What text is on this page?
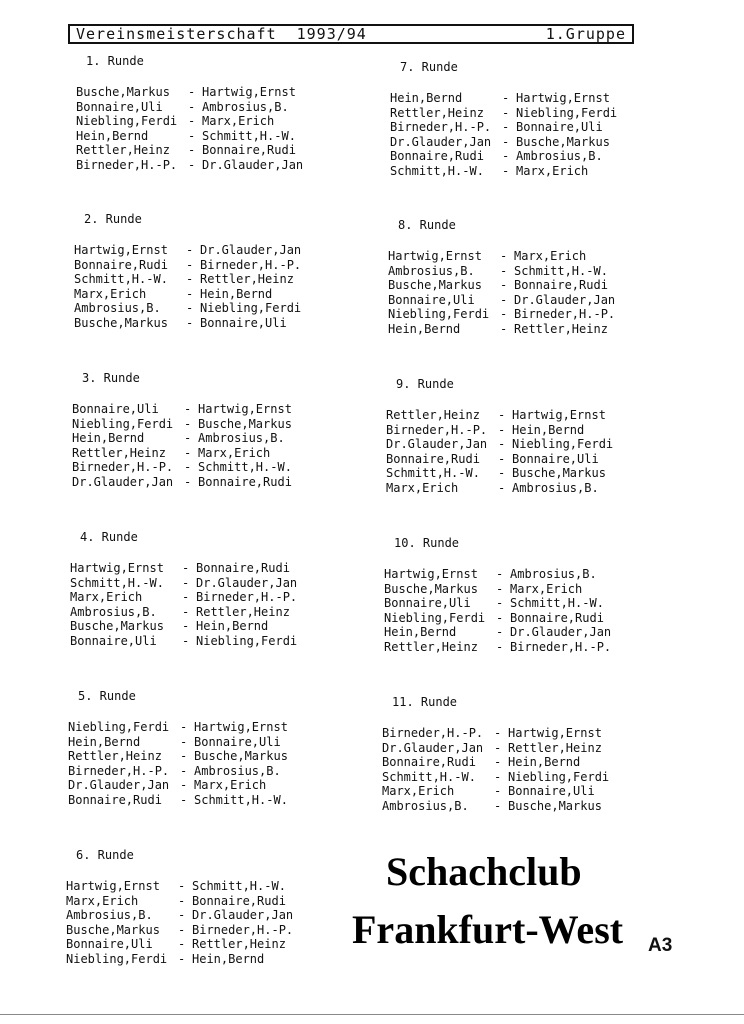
Vereinsmeisterschaft 1993/94	1.Gruppe
1. Runde
Busche,Markus	- Hartwig,Ernst
Bonnaire,Uli	- Ambrosius,B.
Niebling,Ferdi - Marx,Erich
Hein,Bernd	- Schmitt,H.-W.
Rettler,Heinz	- Bonnaire,Rudi
Birneder,H.-P. - Dr.Glauder,Jan
2. Runde
Hartwig,Ernst	- Dr.Glauder,Jan
Bonnaire,Rudi	- Birneder,H.-P.
Schmitt,H.-W.	- Rettler,Heinz
Marx,Erich	- Hein,Bernd
Ambrosius,B.	- Niebling,Ferdi
Busche,Markus	- Bonnaire,Uli
3. Runde
Bonnaire,Uli	- Hartwig,Ernst
Niebling,Ferdi - Busche,Markus
Hein,Bernd	- Ambrosius,B.
Rettler,Heinz	- Marx,Erich
Birneder,H.-P. - Schmitt,H.-W.
Dr.Glauder,Jan - Bonnaire,Rudi
4. Runde
Hartwig,Ernst	- Bonnaire,Rudi
Schmitt,H.-W.	- Dr.Glauder,Jan
Marx,Erich	- Birneder,H.-P.
Ambrosius,B.	- Rettler,Heinz
Busche,Markus	- Hein,Bernd
Bonnaire,Uli	- Niebling,Ferdi
5. Runde
Niebling,Ferdi - Hartwig,Ernst
Hein,Bernd	- Bonnaire,Uli
Rettler,Heinz	- Busche,Markus
Birneder,H.-P. - Ambrosius,B.
Dr.Glauder,Jan - Marx,Erich
Bonnaire,Rudi	- Schmitt,H.-W.
6. Runde
Hartwig,Ernst	- Schmitt,H.-W.
Marx,Erich	- Bonnaire,Rudi
Ambrosius,B.	- Dr.Glauder,Jan
Busche,Markus	- Birneder,H.-P.
Bonnaire,Uli	- Rettler,Heinz
Niebling,Ferdi - Hein,Bernd
7. Runde
Hein,Bernd	- Hartwig,Ernst
Rettler,Heinz	- Niebling,Ferdi
Birneder,H.-P. - Bonnaire,Uli
Dr.Glauder,Jan - Busche,Markus
Bonnaire,Rudi	- Ambrosius,B.
Schmitt,H.-W.	- Marx,Erich
8. Runde
Hartwig,Ernst	- Marx,Erich
Ambrosius,B.	- Schmitt,H.-W.
Busche,Markus	- Bonnaire,Rudi
Bonnaire,Uli	- Dr.Glauder,Jan
Niebling,Ferdi - Birneder,H.-P.
Hein,Bernd	- Rettler,Heinz
9. Runde
Rettler,Heinz	- Hartwig,Ernst
Birneder,H.-P. - Hein,Bernd
Dr.Glauder,Jan - Niebling,Ferdi
Bonnaire,Rudi	- Bonnaire,Uli
Schmitt,H.-W.	- Busche,Markus
Marx,Erich	- Ambrosius,B.
10. Runde
Hartwig,Ernst	- Ambrosius,B.
Busche,Markus	- Marx,Erich
Bonnaire,Uli	- Schmitt,H.-W.
Niebling,Ferdi - Bonnaire,Rudi
Hein,Bernd	- Dr.Glauder,Jan
Rettler,Heinz	- Birneder,H.-P.
11. Runde
Birneder,H.-P. - Hartwig,Ernst
Dr.Glauder,Jan - Rettler,Heinz
Bonnaire,Rudi	- Hein,Bernd
Schmitt,H.-W.	- Niebling,Ferdi
Marx,Erich	- Bonnaire,Uli
Ambrosius,B.	- Busche,Markus
Schachclub
Frankfurt-West A3
